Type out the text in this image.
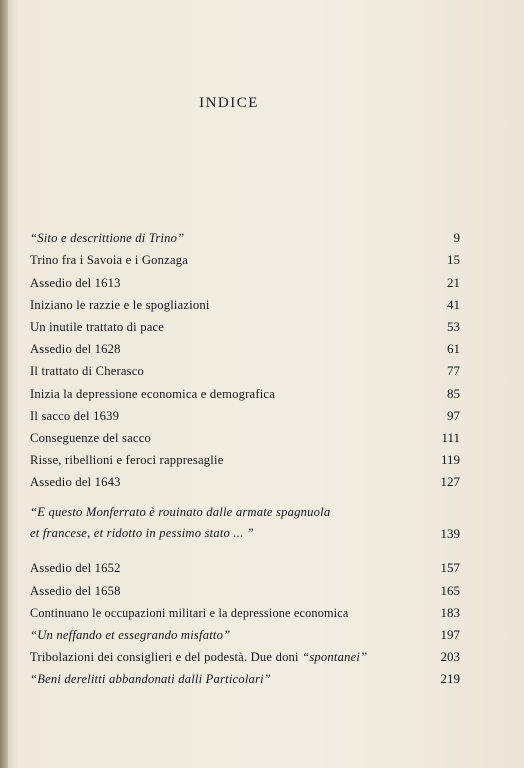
INDICE
“Sito e descrittione di Trino”	9
Trino fra i Savoia e i Gonzaga	15
Assedio del 1613	21
Iniziano le razzie e le spogliazioni	41
Un inutile trattato di pace	53
Assedio del 1628	61
Il trattato di Cherasco	77
Inizia la depressione economica e demografica	85
Il sacco del 1639	97
Conseguenze del sacco	111
Risse, ribellioni e feroci rappresaglie	119
Assedio del 1643	127
“E questo Monferrato è rouinato dalle armate spagnuola
et francese, et ridotto in pessimo stato ... ”	139
Assedio del 1652	157
Assedio del 1658	165
Continuano le occupazioni militari e la depressione economica	183
“Un neffando et essegrando misfatto”	197
Tribolazioni dei consiglieri e del podestà. Due doni “spontanei”	203
“Beni derelitti abbandonati dalli Particolari”	219
